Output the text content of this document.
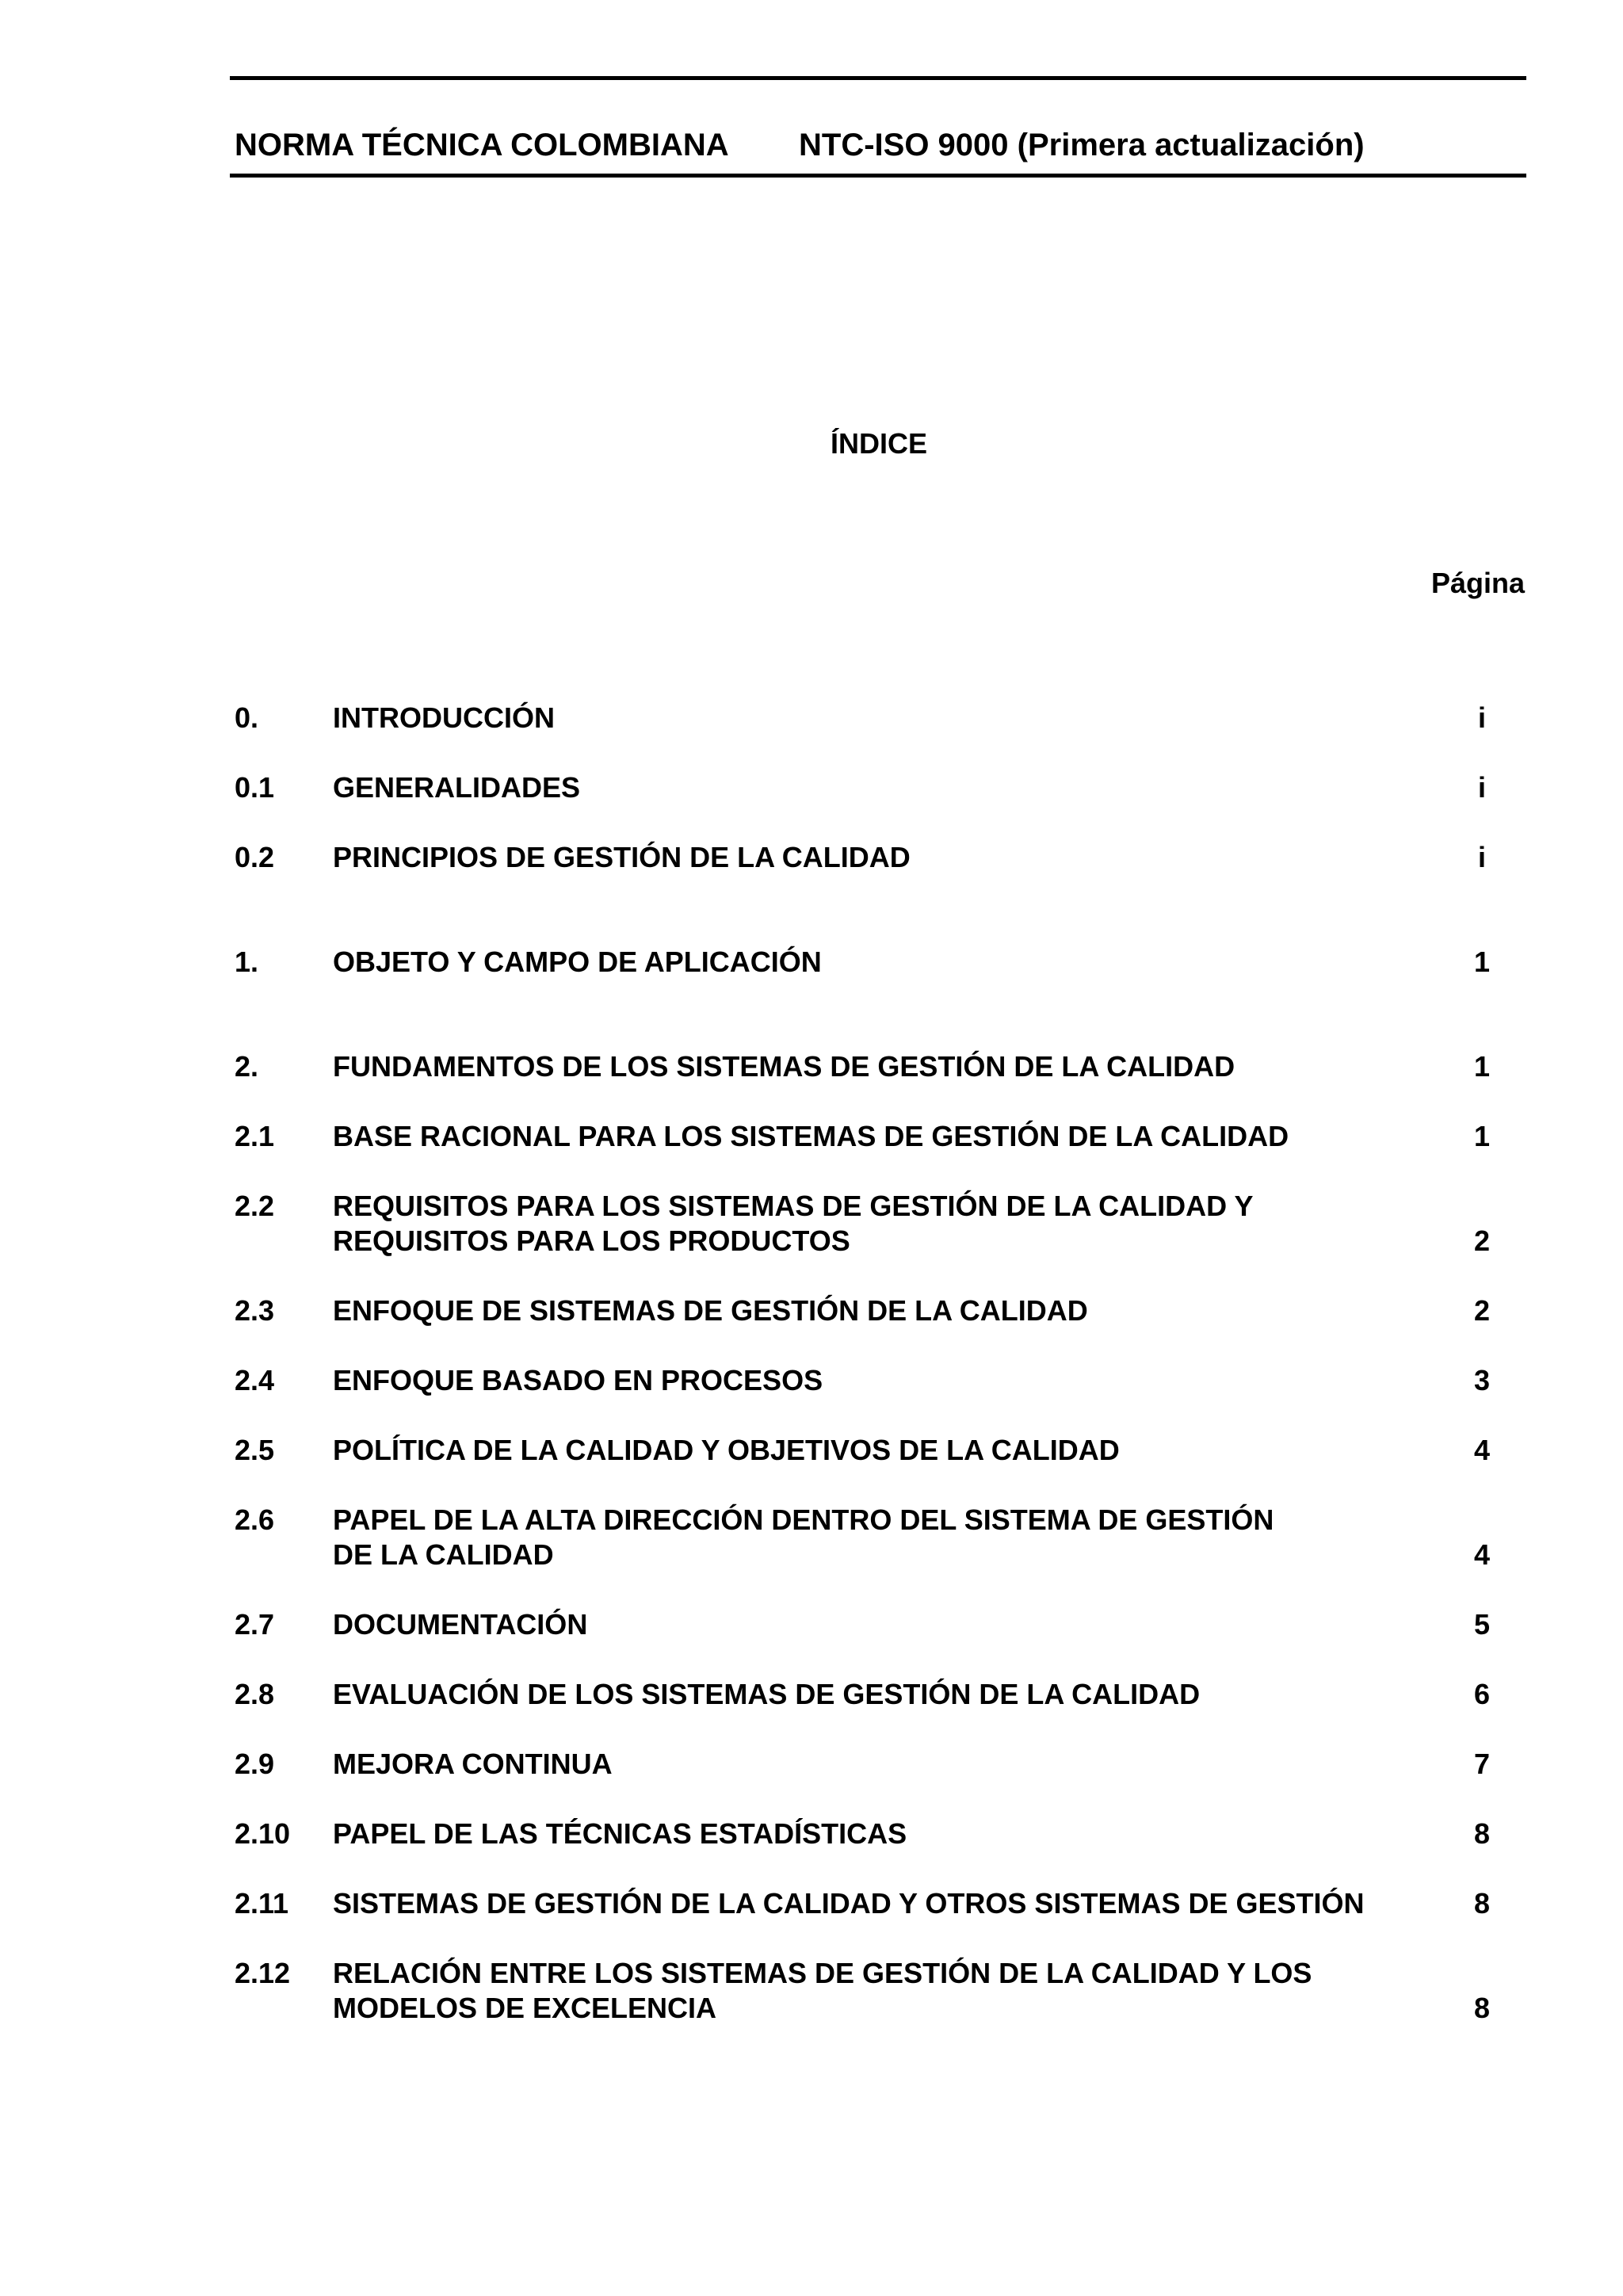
NORMA TÉCNICA COLOMBIANA NTC-ISO 9000 (Primera actualización)
ÍNDICE
Página
0.	INTRODUCCIÓN	i
0.1 GENERALIDADES	i
0.2 PRINCIPIOS DE GESTIÓN DE LA CALIDAD	i
1.	OBJETO Y CAMPO DE APLICACIÓN	1
2.	FUNDAMENTOS DE LOS SISTEMAS DE GESTIÓN DE LA CALIDAD	1
2.1 BASE RACIONAL PARA LOS SISTEMAS DE GESTIÓN DE LA CALIDAD	1
2.2 REQUISITOS PARA LOS SISTEMAS DE GESTIÓN DE LA CALIDAD Y
REQUISITOS PARA LOS PRODUCTOS	2
2.3 ENFOQUE DE SISTEMAS DE GESTIÓN DE LA CALIDAD	2
2.4 ENFOQUE BASADO EN PROCESOS	3
2.5 POLÍTICA DE LA CALIDAD Y OBJETIVOS DE LA CALIDAD	4
2.6 PAPEL DE LA ALTA DIRECCIÓN DENTRO DEL SISTEMA DE GESTIÓN
DE LA CALIDAD	4
2.7 DOCUMENTACIÓN	5
2.8 EVALUACIÓN DE LOS SISTEMAS DE GESTIÓN DE LA CALIDAD	6
2.9 MEJORA CONTINUA	7
2.10 PAPEL DE LAS TÉCNICAS ESTADÍSTICAS	8
2.11 SISTEMAS DE GESTIÓN DE LA CALIDAD Y OTROS SISTEMAS DE GESTIÓN	8
2.12 RELACIÓN ENTRE LOS SISTEMAS DE GESTIÓN DE LA CALIDAD Y LOS
MODELOS DE EXCELENCIA	8
